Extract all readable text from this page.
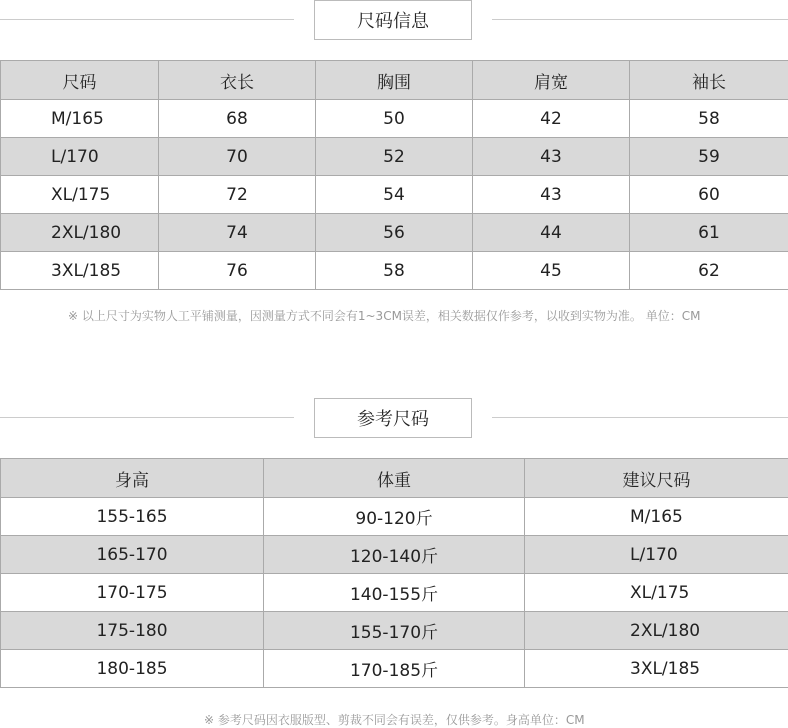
尺码信息
尺码	衣长	胸围	肩宽	袖长
M/165	68	50	42	58
L/170	70	52	43	59
XL/175	72	54	43	60
2XL/180	74	56	44	61
3XL/185	76	58	45	62
※ 以上尺寸为实物人工平铺测量，因测量方式不同会有1~3CM误差，相关数据仅作参考，以收到实物为准。 单位：CM
参考尺码
身高	体重	建议尺码
155-165	90-120斤	M/165
165-170	120-140斤	L/170
170-175	140-155斤	XL/175
175-180	155-170斤	2XL/180
180-185	170-185斤	3XL/185
※ 参考尺码因衣服版型、剪裁不同会有误差，仅供参考。身高单位：CM
